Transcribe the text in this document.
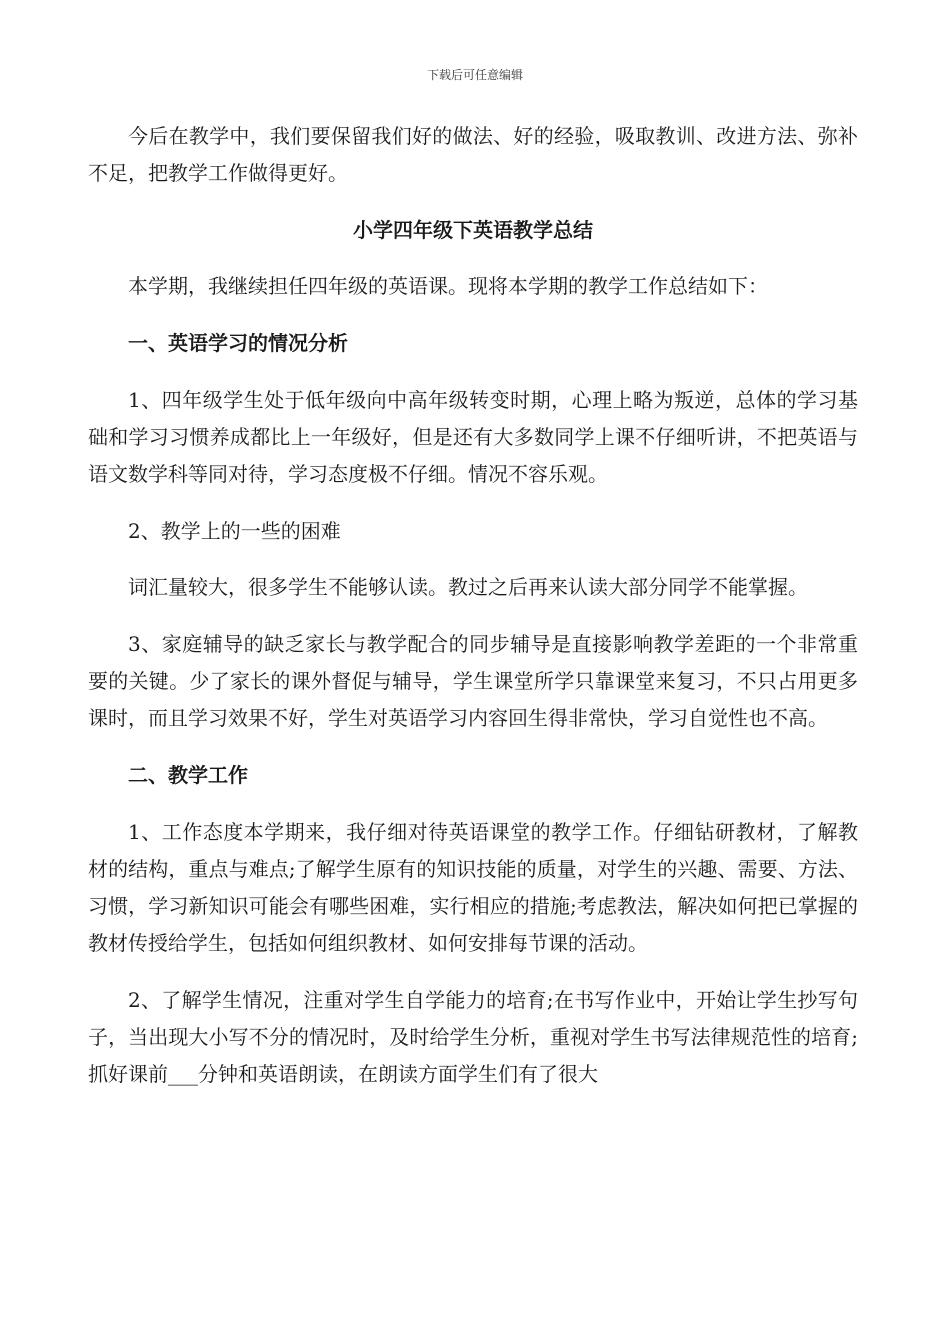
下载后可任意编辑

今后在教学中，我们要保留我们好的做法、好的经验，吸取教训、改进方法、弥补不足，把教学工作做得更好。

小学四年级下英语教学总结

本学期，我继续担任四年级的英语课。现将本学期的教学工作总结如下：

一、英语学习的情况分析

1、四年级学生处于低年级向中高年级转变时期，心理上略为叛逆，总体的学习基础和学习习惯养成都比上一年级好，但是还有大多数同学上课不仔细听讲，不把英语与语文数学科等同对待，学习态度极不仔细。情况不容乐观。

2、教学上的一些的困难

词汇量较大，很多学生不能够认读。教过之后再来认读大部分同学不能掌握。

3、家庭辅导的缺乏家长与教学配合的同步辅导是直接影响教学差距的一个非常重要的关键。少了家长的课外督促与辅导，学生课堂所学只靠课堂来复习，不只占用更多课时，而且学习效果不好，学生对英语学习内容回生得非常快，学习自觉性也不高。

二、教学工作

1、工作态度本学期来，我仔细对待英语课堂的教学工作。仔细钻研教材，了解教材的结构，重点与难点;了解学生原有的知识技能的质量，对学生的兴趣、需要、方法、习惯，学习新知识可能会有哪些困难，实行相应的措施;考虑教法，解决如何把已掌握的教材传授给学生，包括如何组织教材、如何安排每节课的活动。

2、了解学生情况，注重对学生自学能力的培育;在书写作业中，开始让学生抄写句子，当出现大小写不分的情况时，及时给学生分析，重视对学生书写法律规范性的培育;抓好课前___分钟和英语朗读，在朗读方面学生们有了很大
